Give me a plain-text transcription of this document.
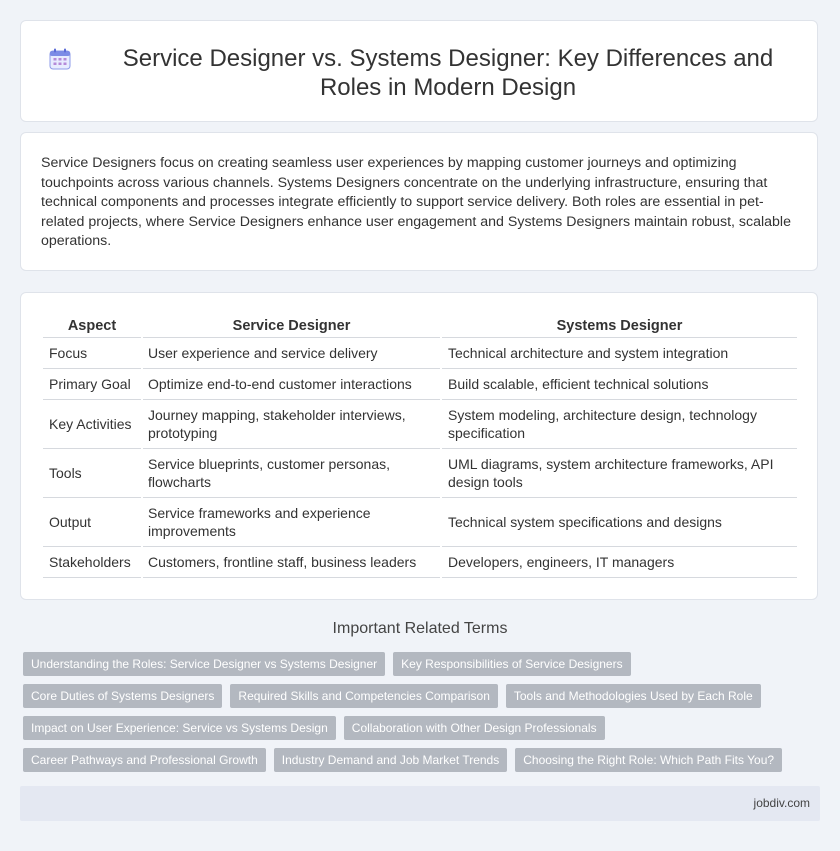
Service Designer vs. Systems Designer: Key Differences and Roles in Modern Design

Service Designers focus on creating seamless user experiences by mapping customer journeys and optimizing touchpoints across various channels. Systems Designers concentrate on the underlying infrastructure, ensuring that technical components and processes integrate efficiently to support service delivery. Both roles are essential in pet-related projects, where Service Designers enhance user engagement and Systems Designers maintain robust, scalable operations.

Aspect	Service Designer	Systems Designer
Focus	User experience and service delivery	Technical architecture and system integration
Primary Goal	Optimize end-to-end customer interactions	Build scalable, efficient technical solutions
Key Activities	Journey mapping, stakeholder interviews, prototyping	System modeling, architecture design, technology specification
Tools	Service blueprints, customer personas, flowcharts	UML diagrams, system architecture frameworks, API design tools
Output	Service frameworks and experience improvements	Technical system specifications and designs
Stakeholders	Customers, frontline staff, business leaders	Developers, engineers, IT managers
Important Related Terms
Understanding the Roles: Service Designer vs Systems Designer	Key Responsibilities of Service Designers
Core Duties of Systems Designers	Required Skills and Competencies Comparison	Tools and Methodologies Used by Each Role
Impact on User Experience: Service vs Systems Design	Collaboration with Other Design Professionals
Career Pathways and Professional Growth	Industry Demand and Job Market Trends	Choosing the Right Role: Which Path Fits You?
jobdiv.com
